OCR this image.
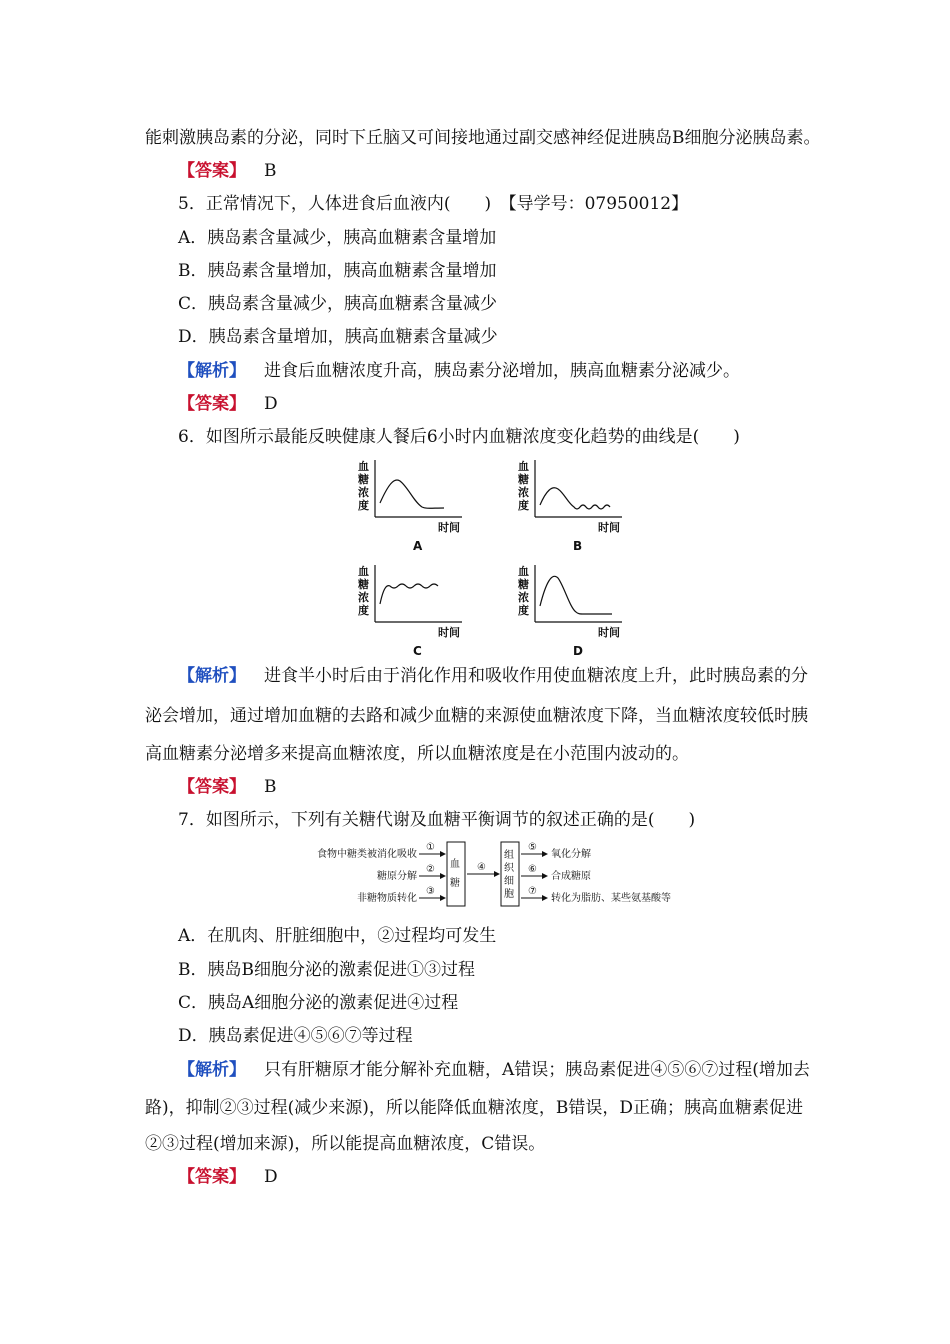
能刺激胰岛素的分泌，同时下丘脑又可间接地通过副交感神经促进胰岛B细胞分泌胰岛素。
【答案】 B
5．正常情况下，人体进食后血液内(　　)　【导学号：07950012】
A．胰岛素含量减少，胰高血糖素含量增加
B．胰岛素含量增加，胰高血糖素含量增加
C．胰岛素含量减少，胰高血糖素含量减少
D．胰岛素含量增加，胰高血糖素含量减少
【解析】 进食后血糖浓度升高，胰岛素分泌增加，胰高血糖素分泌减少。
【答案】 D
6．如图所示最能反映健康人餐后6小时内血糖浓度变化趋势的曲线是(　　)
血
糖
浓
度
时间
A
血
糖
浓
度
时间
B
血
糖
浓
度
时间
C
血
糖
浓
度
时间
D
【解析】 进食半小时后由于消化作用和吸收作用使血糖浓度上升，此时胰岛素的分
泌会增加，通过增加血糖的去路和减少血糖的来源使血糖浓度下降，当血糖浓度较低时胰
高血糖素分泌增多来提高血糖浓度，所以血糖浓度是在小范围内波动的。
【答案】 B
7．如图所示，下列有关糖代谢及血糖平衡调节的叙述正确的是(　　)
食物中糖类被消化吸收
糖原分解
非糖物质转化
①
②
③
血
糖
④
组
织
细
胞
⑤
⑥
⑦
氧化分解
合成糖原
转化为脂肪、某些氨基酸等
A．在肌肉、肝脏细胞中，②过程均可发生
B．胰岛B细胞分泌的激素促进①③过程
C．胰岛A细胞分泌的激素促进④过程
D．胰岛素促进④⑤⑥⑦等过程
【解析】 只有肝糖原才能分解补充血糖，A错误；胰岛素促进④⑤⑥⑦过程(增加去
路)，抑制②③过程(减少来源)，所以能降低血糖浓度，B错误，D正确；胰高血糖素促进
②③过程(增加来源)，所以能提高血糖浓度，C错误。
【答案】 D
